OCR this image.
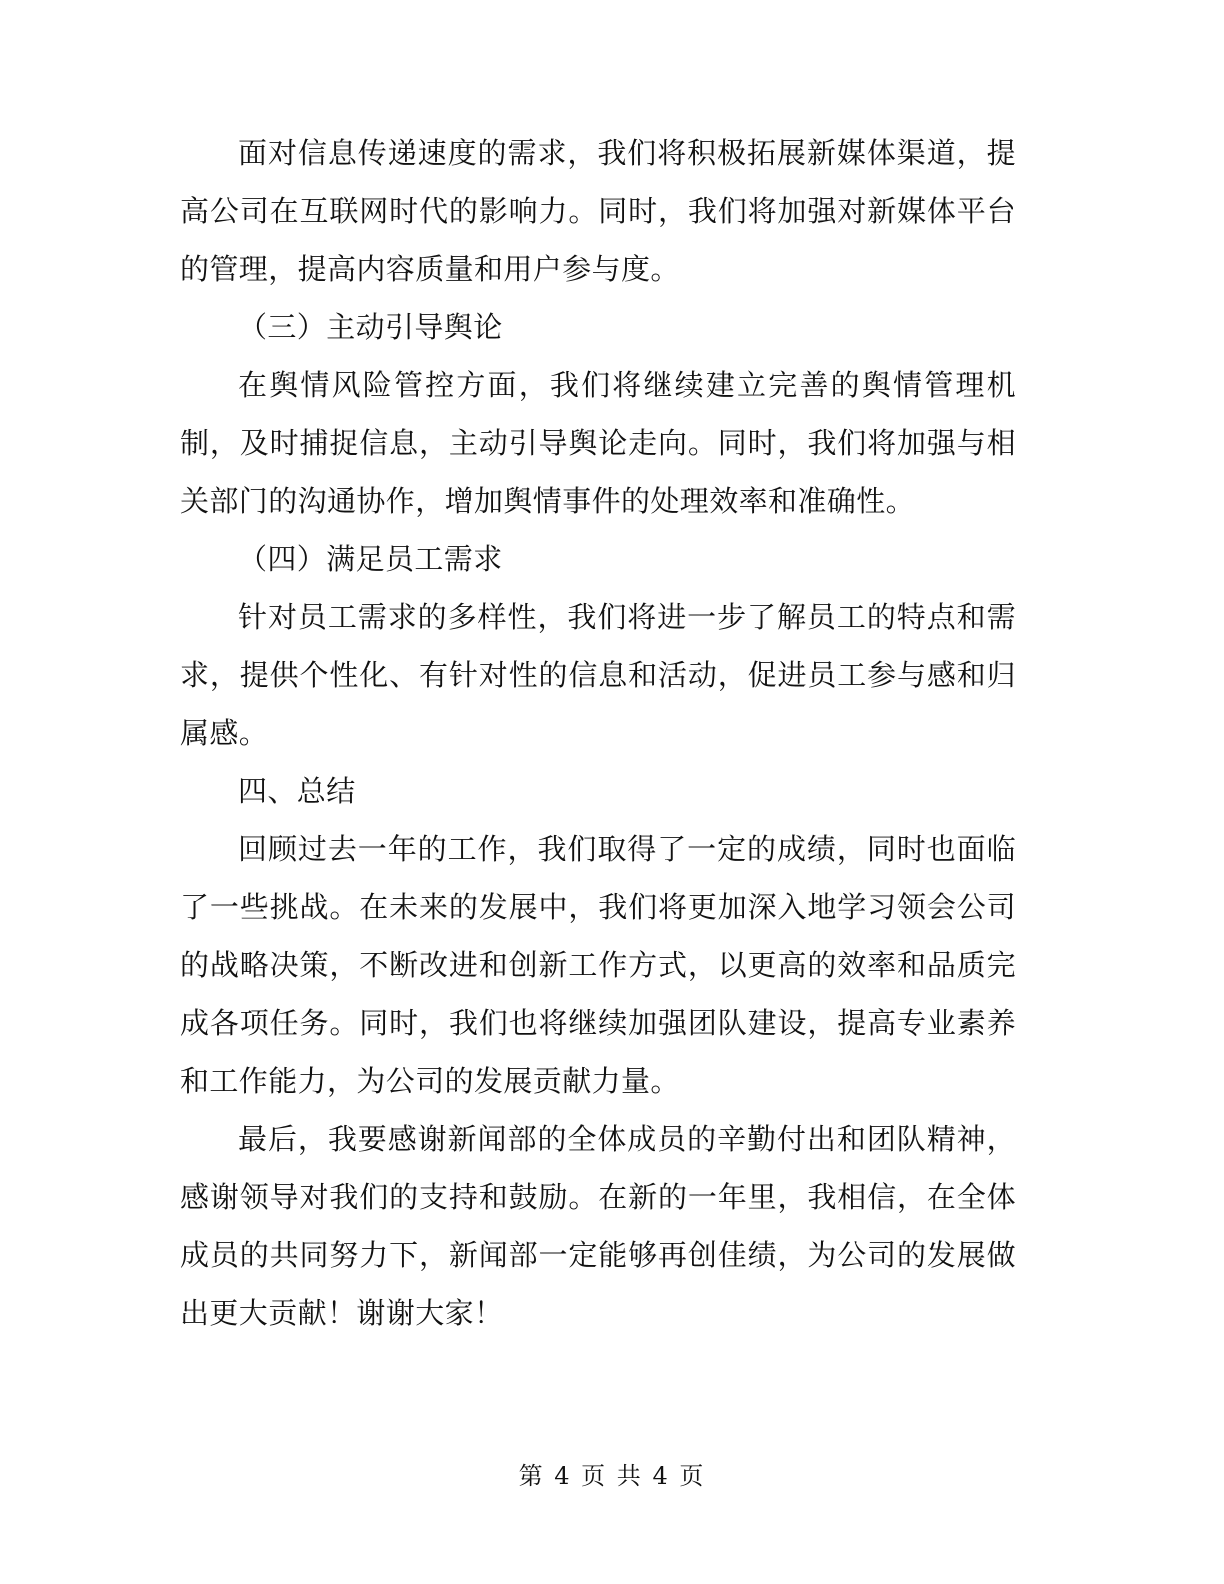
面对信息传递速度的需求，我们将积极拓展新媒体渠道，提高公司在互联网时代的影响力。同时，我们将加强对新媒体平台的管理，提高内容质量和用户参与度。

（三）主动引导舆论

在舆情风险管控方面，我们将继续建立完善的舆情管理机制，及时捕捉信息，主动引导舆论走向。同时，我们将加强与相关部门的沟通协作，增加舆情事件的处理效率和准确性。

（四）满足员工需求

针对员工需求的多样性，我们将进一步了解员工的特点和需求，提供个性化、有针对性的信息和活动，促进员工参与感和归属感。

四、总结

回顾过去一年的工作，我们取得了一定的成绩，同时也面临了一些挑战。在未来的发展中，我们将更加深入地学习领会公司的战略决策，不断改进和创新工作方式，以更高的效率和品质完成各项任务。同时，我们也将继续加强团队建设，提高专业素养和工作能力，为公司的发展贡献力量。

最后，我要感谢新闻部的全体成员的辛勤付出和团队精神，感谢领导对我们的支持和鼓励。在新的一年里，我相信，在全体成员的共同努力下，新闻部一定能够再创佳绩，为公司的发展做出更大贡献！谢谢大家！

第 4 页 共 4 页
